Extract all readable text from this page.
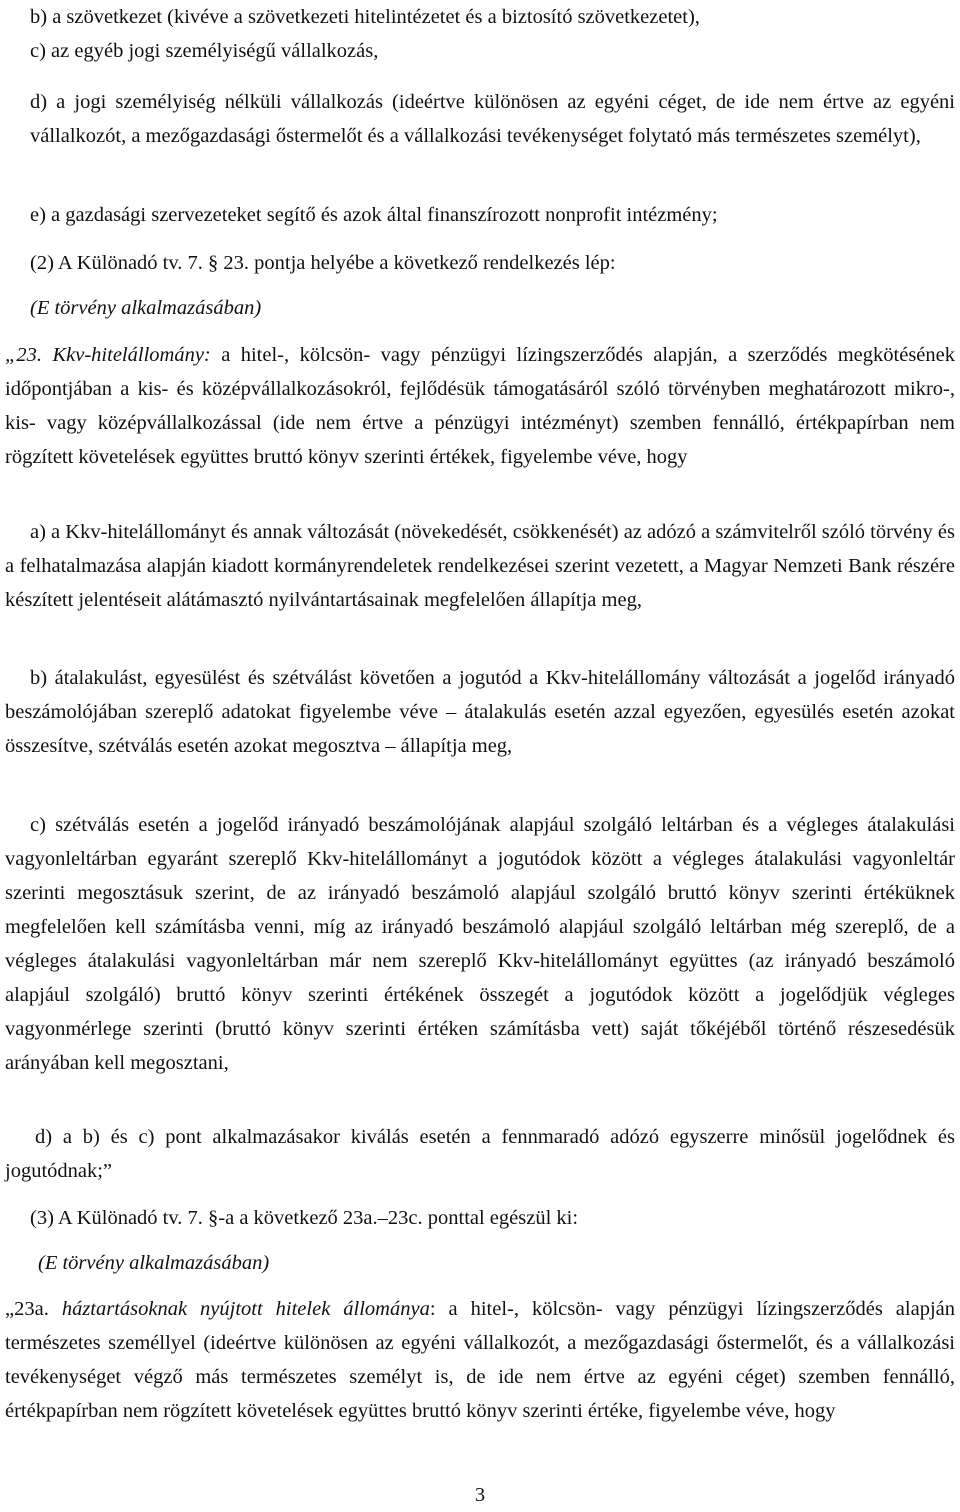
b) a szövetkezet (kivéve a szövetkezeti hitelintézetet és a biztosító szövetkezetet),

c) az egyéb jogi személyiségű vállalkozás,

d) a jogi személyiség nélküli vállalkozás (ideértve különösen az egyéni céget, de ide nem értve az egyéni vállalkozót, a mezőgazdasági őstermelőt és a vállalkozási tevékenységet folytató más természetes személyt),

e) a gazdasági szervezeteket segítő és azok által finanszírozott nonprofit intézmény;

(2) A Különadó tv. 7. § 23. pontja helyébe a következő rendelkezés lép:

(E törvény alkalmazásában)

„23. Kkv-hitelállomány: a hitel-, kölcsön- vagy pénzügyi lízingszerződés alapján, a szerződés megkötésének időpontjában a kis- és középvállalkozásokról, fejlődésük támogatásáról szóló törvényben meghatározott mikro-, kis- vagy középvállalkozással (ide nem értve a pénzügyi intézményt) szemben fennálló, értékpapírban nem rögzített követelések együttes bruttó könyv szerinti értékek, figyelembe véve, hogy

a) a Kkv-hitelállományt és annak változását (növekedését, csökkenését) az adózó a számvitelről szóló törvény és a felhatalmazása alapján kiadott kormányrendeletek rendelkezései szerint vezetett, a Magyar Nemzeti Bank részére készített jelentéseit alátámasztó nyilvántartásainak megfelelően állapítja meg,

b) átalakulást, egyesülést és szétválást követően a jogutód a Kkv-hitelállomány változását a jogelőd irányadó beszámolójában szereplő adatokat figyelembe véve – átalakulás esetén azzal egyezően, egyesülés esetén azokat összesítve, szétválás esetén azokat megosztva – állapítja meg,

c) szétválás esetén a jogelőd irányadó beszámolójának alapjául szolgáló leltárban és a végleges átalakulási vagyonleltárban egyaránt szereplő Kkv-hitelállományt a jogutódok között a végleges átalakulási vagyonleltár szerinti megosztásuk szerint, de az irányadó beszámoló alapjául szolgáló bruttó könyv szerinti értéküknek megfelelően kell számításba venni, míg az irányadó beszámoló alapjául szolgáló leltárban még szereplő, de a végleges átalakulási vagyonleltárban már nem szereplő Kkv-hitelállományt együttes (az irányadó beszámoló alapjául szolgáló) bruttó könyv szerinti értékének összegét a jogutódok között a jogelődjük végleges vagyonmérlege szerinti (bruttó könyv szerinti értéken számításba vett) saját tőkéjéből történő részesedésük arányában kell megosztani,

d) a b) és c) pont alkalmazásakor kiválás esetén a fennmaradó adózó egyszerre minősül jogelődnek és jogutódnak;”

(3) A Különadó tv. 7. §-a a következő 23a.–23c. ponttal egészül ki:

(E törvény alkalmazásában)

„23a. háztartásoknak nyújtott hitelek állománya: a hitel-, kölcsön- vagy pénzügyi lízingszerződés alapján természetes személlyel (ideértve különösen az egyéni vállalkozót, a mezőgazdasági őstermelőt, és a vállalkozási tevékenységet végző más természetes személyt is, de ide nem értve az egyéni céget) szemben fennálló, értékpapírban nem rögzített követelések együttes bruttó könyv szerinti értéke, figyelembe véve, hogy

3
